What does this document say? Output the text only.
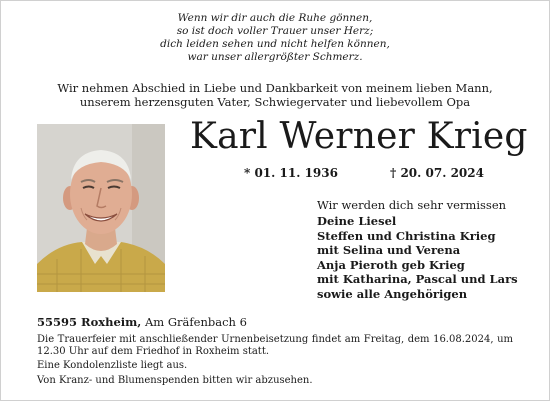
Wenn wir dir auch die Ruhe gönnen,
so ist doch voller Trauer unser Herz;
dich leiden sehen und nicht helfen können,
war unser allergrößter Schmerz.
Wir nehmen Abschied in Liebe und Dankbarkeit von meinem lieben Mann,
unserem herzensguten Vater, Schwiegervater und liebevollem Opa
Karl Werner Krieg
* 01. 11. 1936	† 20. 07. 2024
Wir werden dich sehr vermissen
Deine Liesel
Steffen und Christina Krieg
mit Selina und Verena
Anja Pieroth geb Krieg
mit Katharina, Pascal und Lars
sowie alle Angehörigen
55595 Roxheim, Am Gräfenbach 6

Die Trauerfeier mit anschließender Urnenbeisetzung findet am Freitag, dem 16.08.2024, um 12.30 Uhr auf dem Friedhof in Roxheim statt.

Eine Kondolenzliste liegt aus.

Von Kranz- und Blumenspenden bitten wir abzusehen.
